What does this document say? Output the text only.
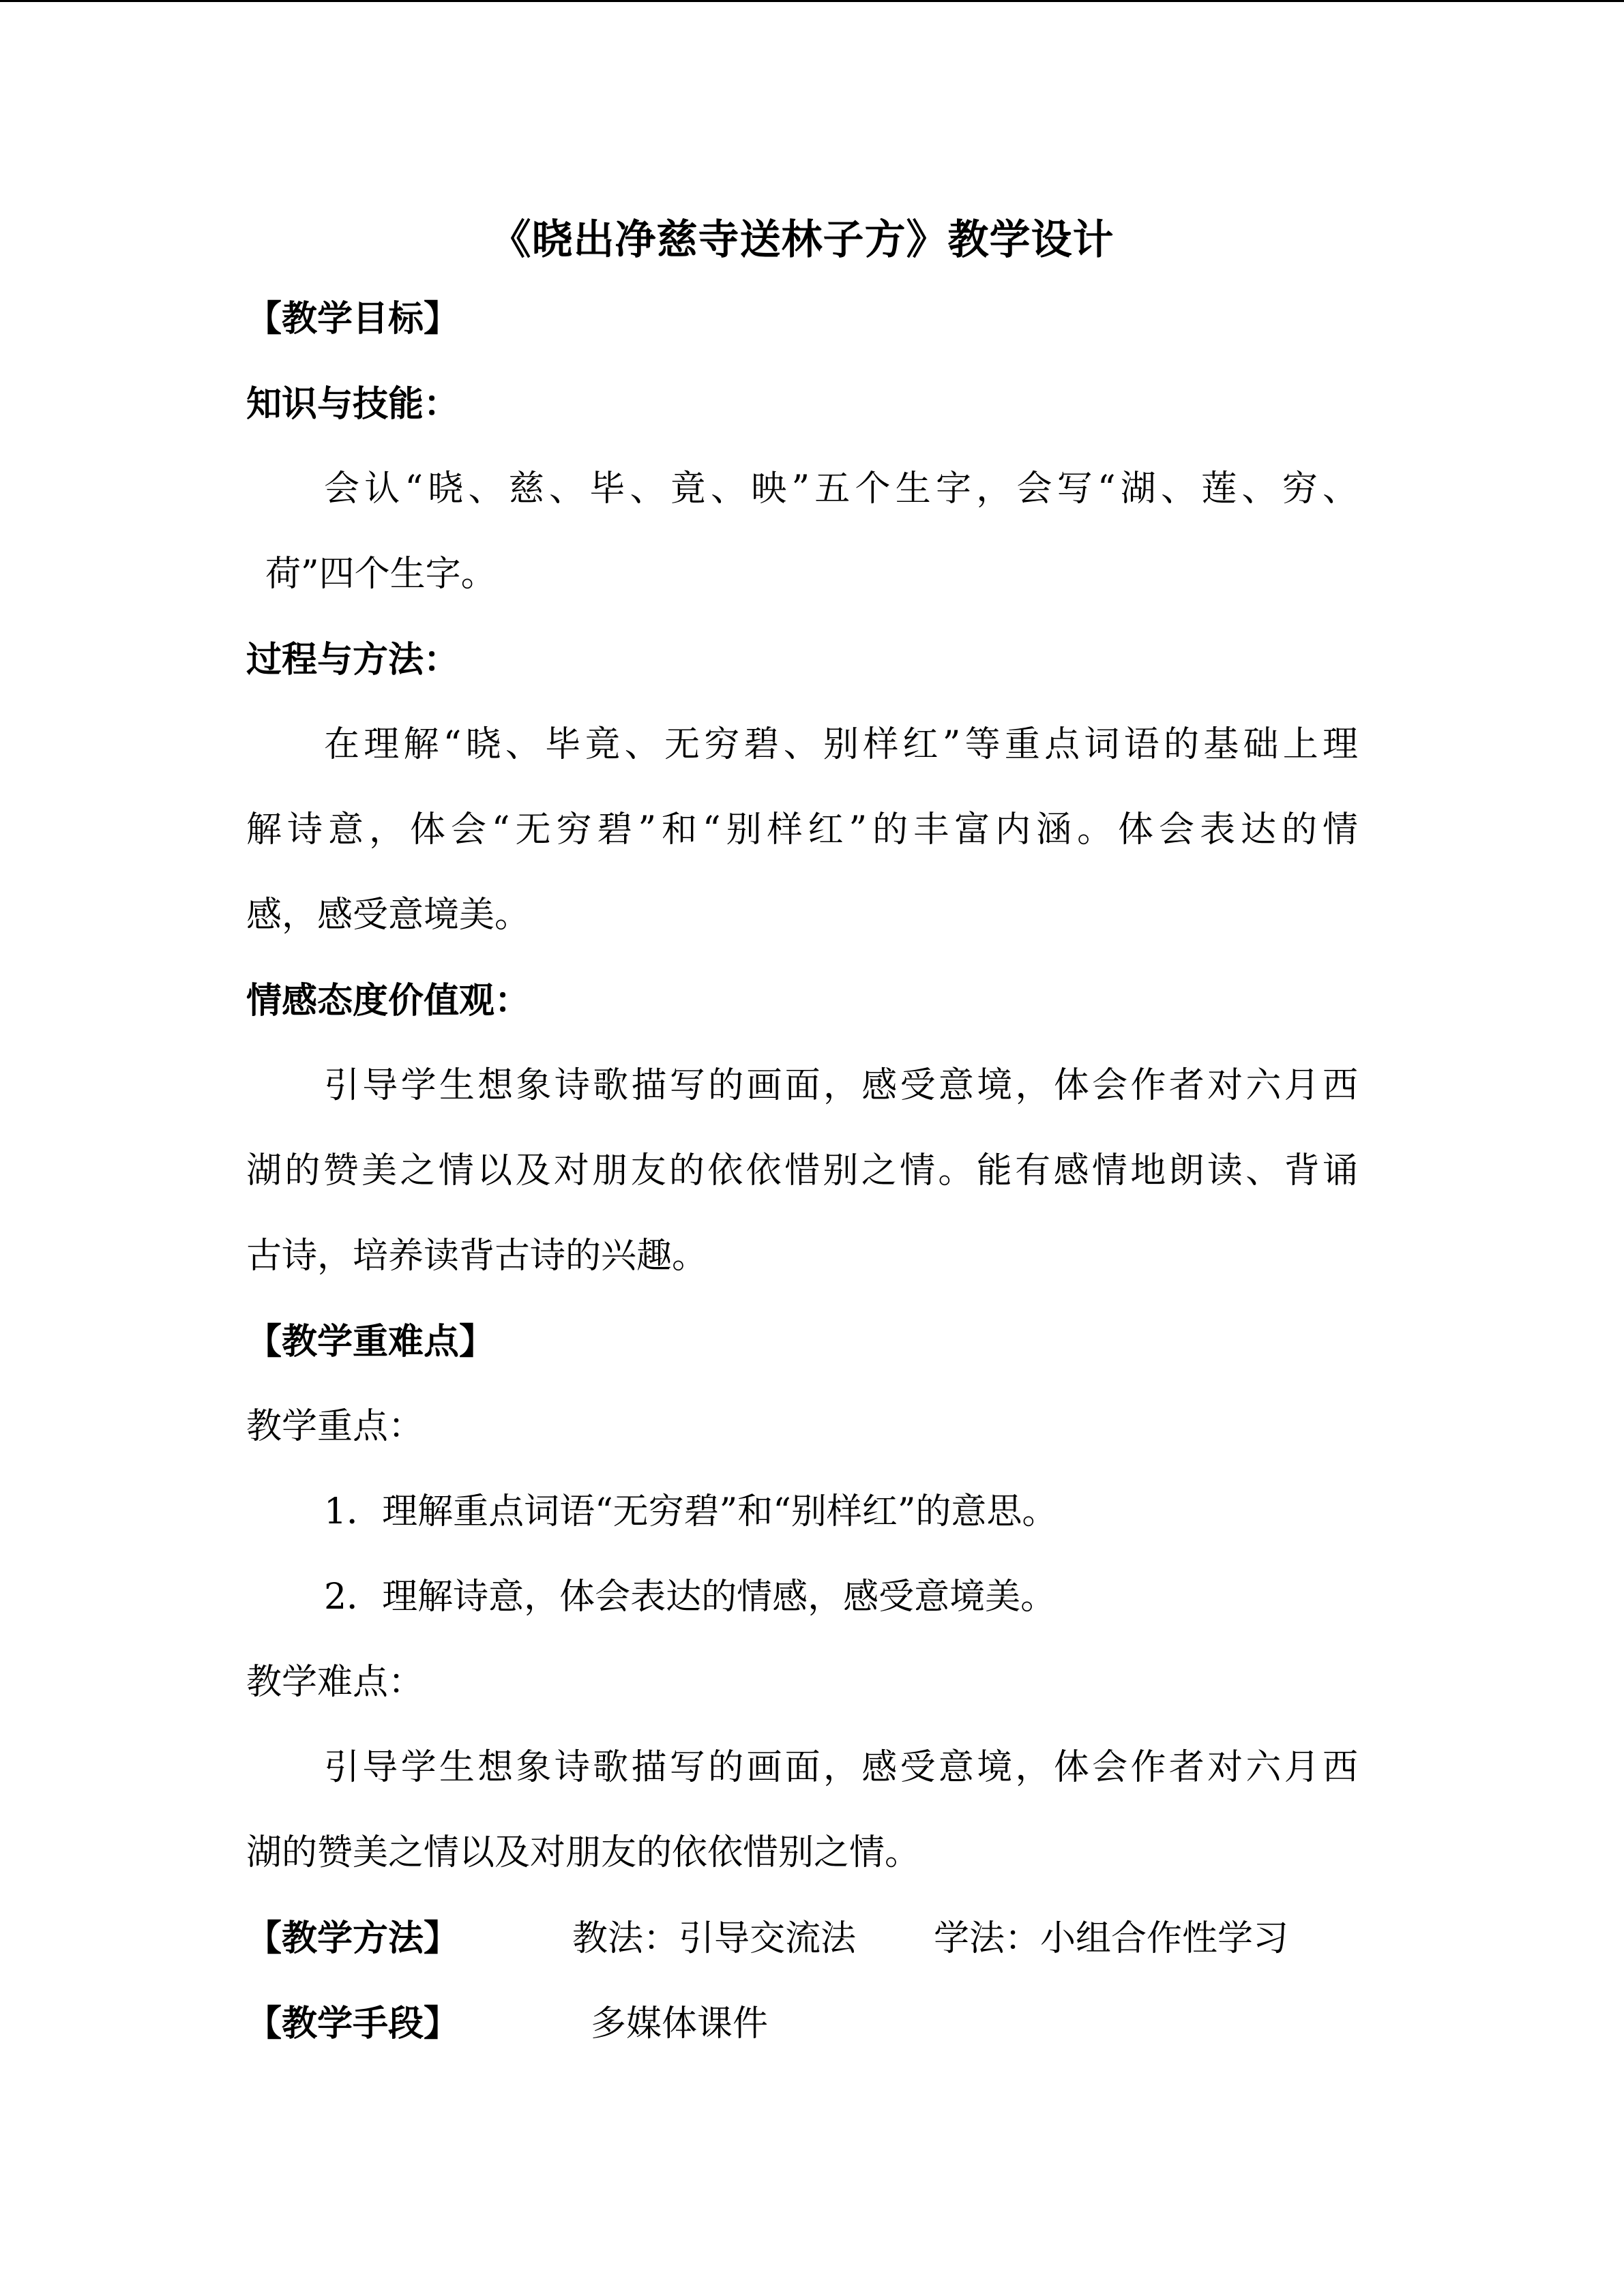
《晓出净慈寺送林子方》教学设计
【教学目标】
知识与技能：
会认“晓、慈、毕、竟、映”五个生字，会写“湖、莲、穷、
荷”四个生字。
过程与方法：
在理解“晓、毕竟、无穷碧、别样红”等重点词语的基础上理
解诗意，体会“无穷碧”和“别样红”的丰富内涵。体会表达的情
感，感受意境美。
情感态度价值观：
引导学生想象诗歌描写的画面，感受意境，体会作者对六月西
湖的赞美之情以及对朋友的依依惜别之情。能有感情地朗读、背诵
古诗，培养读背古诗的兴趣。
【教学重难点】
教学重点：
1．理解重点词语“无穷碧”和“别样红”的意思。
2．理解诗意，体会表达的情感，感受意境美。
教学难点：
引导学生想象诗歌描写的画面，感受意境，体会作者对六月西
湖的赞美之情以及对朋友的依依惜别之情。
【教学方法】	教法：引导交流法 学法：小组合作性学习
【教学手段】	多媒体课件
